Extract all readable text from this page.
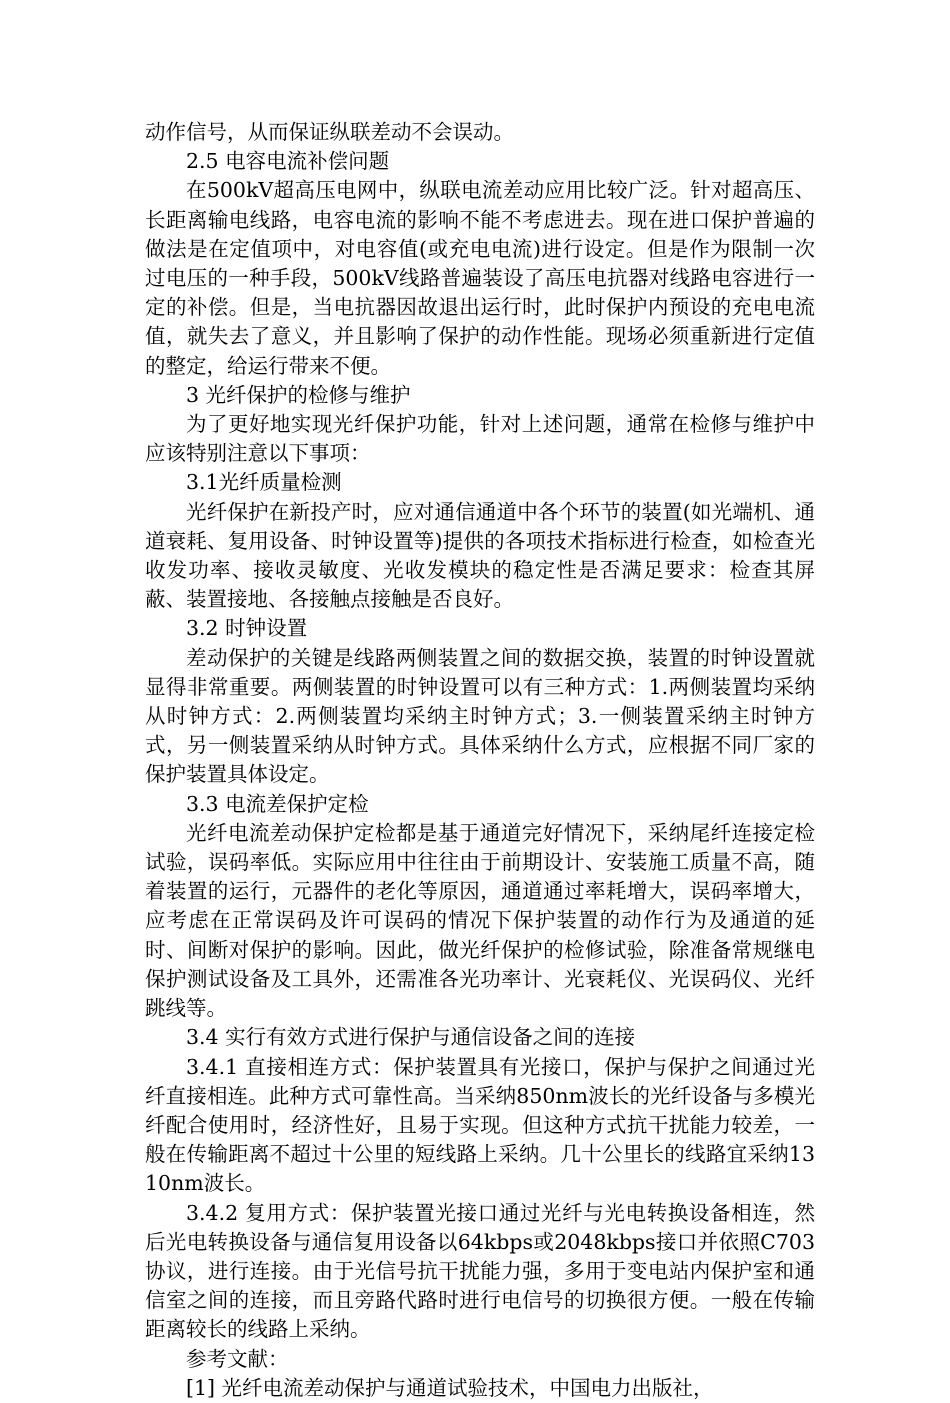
动作信号，从而保证纵联差动不会误动。

2.5 电容电流补偿问题

在500kV超高压电网中，纵联电流差动应用比较广泛。针对超高压、长距离输电线路，电容电流的影响不能不考虑进去。现在进口保护普遍的做法是在定值项中，对电容值(或充电电流)进行设定。但是作为限制一次过电压的一种手段，500kV线路普遍装设了高压电抗器对线路电容进行一定的补偿。但是，当电抗器因故退出运行时，此时保护内预设的充电电流值，就失去了意义，并且影响了保护的动作性能。现场必须重新进行定值的整定，给运行带来不便。

3 光纤保护的检修与维护

为了更好地实现光纤保护功能，针对上述问题，通常在检修与维护中应该特别注意以下事项：

3.1光纤质量检测

光纤保护在新投产时，应对通信通道中各个环节的装置(如光端机、通道衰耗、复用设备、时钟设置等)提供的各项技术指标进行检查，如检查光收发功率、接收灵敏度、光收发模块的稳定性是否满足要求：检查其屏蔽、装置接地、各接触点接触是否良好。

3.2 时钟设置

差动保护的关键是线路两侧装置之间的数据交换，装置的时钟设置就显得非常重要。两侧装置的时钟设置可以有三种方式：1.两侧装置均采纳从时钟方式：2.两侧装置均采纳主时钟方式；3.一侧装置采纳主时钟方式，另一侧装置采纳从时钟方式。具体采纳什么方式，应根据不同厂家的保护装置具体设定。

3.3 电流差保护定检

光纤电流差动保护定检都是基于通道完好情况下，采纳尾纤连接定检试验，误码率低。实际应用中往往由于前期设计、安装施工质量不高，随着装置的运行，元器件的老化等原因，通道通过率耗增大，误码率增大，应考虑在正常误码及许可误码的情况下保护装置的动作行为及通道的延时、间断对保护的影响。因此，做光纤保护的检修试验，除准备常规继电保护测试设备及工具外，还需准各光功率计、光衰耗仪、光误码仪、光纤跳线等。

3.4 实行有效方式进行保护与通信设备之间的连接

3.4.1 直接相连方式：保护装置具有光接口，保护与保护之间通过光纤直接相连。此种方式可靠性高。当采纳850nm波长的光纤设备与多模光纤配合使用时，经济性好，且易于实现。但这种方式抗干扰能力较差，一般在传输距离不超过十公里的短线路上采纳。几十公里长的线路宜采纳1310nm波长。

3.4.2 复用方式：保护装置光接口通过光纤与光电转换设备相连，然后光电转换设备与通信复用设备以64kbps或2048kbps接口并依照C703协议，进行连接。由于光信号抗干扰能力强，多用于变电站内保护室和通信室之间的连接，而且旁路代路时进行电信号的切换很方便。一般在传输距离较长的线路上采纳。

参考文献：

[1] 光纤电流差动保护与通道试验技术，中国电力出版社，
